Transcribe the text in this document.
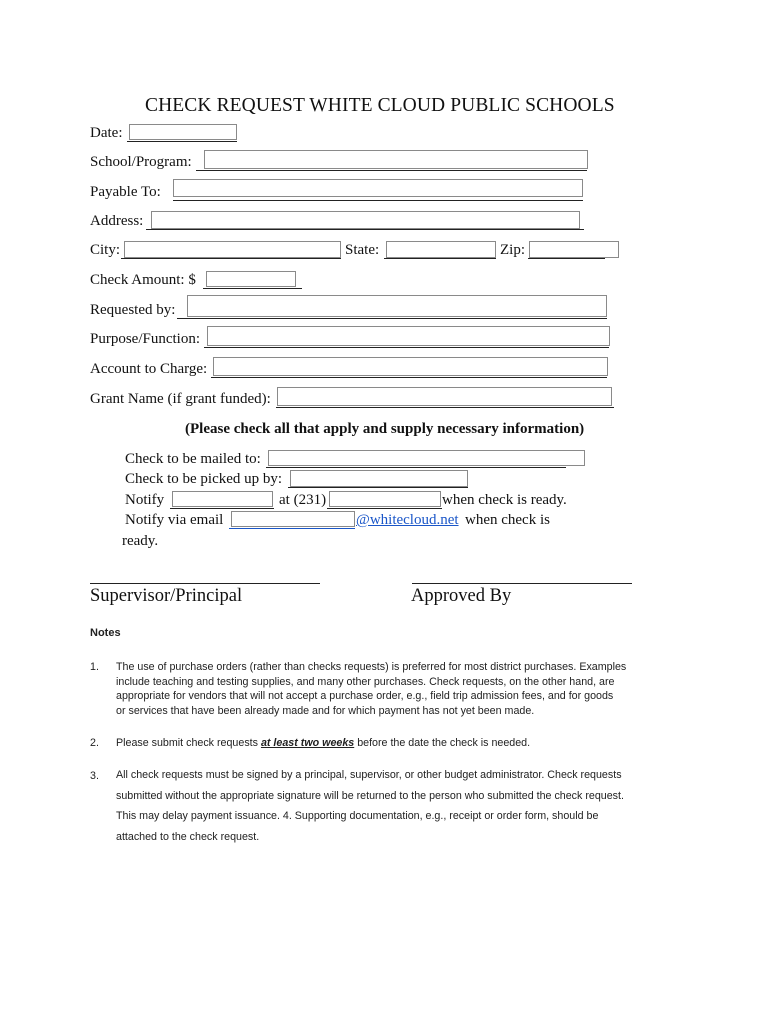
CHECK REQUEST WHITE CLOUD PUBLIC SCHOOLS
Date:
School/Program:
Payable To:
Address:
City:	State:	Zip:
Check Amount: $
Requested by:
Purpose/Function:
Account to Charge:
Grant Name (if grant funded):
(Please check all that apply and supply necessary information)
Check to be mailed to:
Check to be picked up by:
Notify	at (231)	when check is ready.
Notify via email	@whitecloud.net when check is
ready.
Supervisor/Principal	Approved By
Notes
1. The use of purchase orders (rather than checks requests) is preferred for most district purchases. Examples
include teaching and testing supplies, and many other purchases. Check requests, on the other hand, are
appropriate for vendors that will not accept a purchase order, e.g., field trip admission fees, and for goods
or services that have been already made and for which payment has not yet been made.
2. Please submit check requests at least two weeks before the date the check is needed.
3. All check requests must be signed by a principal, supervisor, or other budget administrator. Check requests
submitted without the appropriate signature will be returned to the person who submitted the check request.
This may delay payment issuance. 4. Supporting documentation, e.g., receipt or order form, should be
attached to the check request.
